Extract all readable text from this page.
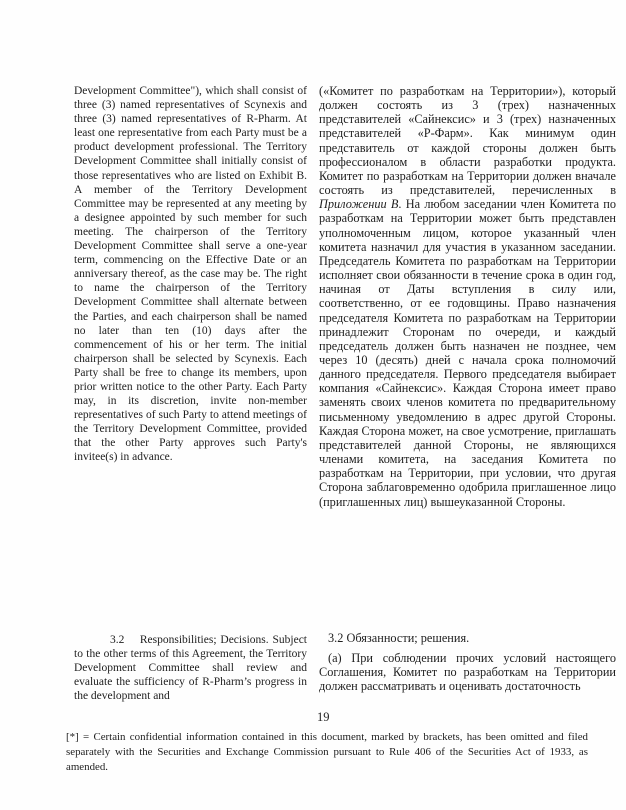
Development Committee"), which shall consist of three (3) named representatives of Scynexis and three (3) named representatives of R-Pharm. At least one representative from each Party must be a product development professional. The Territory Development Committee shall initially consist of those representatives who are listed on Exhibit B. A member of the Territory Development Committee may be represented at any meeting by a designee appointed by such member for such meeting. The chairperson of the Territory Development Committee shall serve a one-year term, commencing on the Effective Date or an anniversary thereof, as the case may be. The right to name the chairperson of the Territory Development Committee shall alternate between the Parties, and each chairperson shall be named no later than ten (10) days after the commencement of his or her term. The initial chairperson shall be selected by Scynexis. Each Party shall be free to change its members, upon prior written notice to the other Party. Each Party may, in its discretion, invite non-member representatives of such Party to attend meetings of the Territory Development Committee, provided that the other Party approves such Party's invitee(s) in advance.

3.2    Responsibilities; Decisions. Subject to the other terms of this Agreement, the Territory Development Committee shall review and evaluate the sufficiency of R-Pharm’s progress in the development and

(«Комитет по разработкам на Территории»), который должен состоять из 3 (трех) назначенных представителей «Сайнексис» и 3 (трех) назначенных представителей «Р-Фарм». Как минимум один представитель от каждой стороны должен быть профессионалом в области разработки продукта. Комитет по разработкам на Территории должен вначале состоять из представителей, перечисленных в Приложении В. На любом заседании член Комитета по разработкам на Территории может быть представлен уполномоченным лицом, которое указанный член комитета назначил для участия в указанном заседании. Председатель Комитета по разработкам на Территории исполняет свои обязанности в течение срока в один год, начиная от Даты вступления в силу или, соответственно, от ее годовщины. Право назначения председателя Комитета по разработкам на Территории принадлежит Сторонам по очереди, и каждый председатель должен быть назначен не позднее, чем через 10 (десять) дней с начала срока полномочий данного председателя. Первого председателя выбирает компания «Сайнексис». Каждая Сторона имеет право заменять своих членов комитета по предварительному письменному уведомлению в адрес другой Стороны. Каждая Сторона может, на свое усмотрение, приглашать представителей данной Стороны, не являющихся членами комитета, на заседания Комитета по разработкам на Территории, при условии, что другая Сторона заблаговременно одобрила приглашенное лицо (приглашенных лиц) вышеуказанной Стороны.

3.2 Обязанности; решения.

(а) При соблюдении прочих условий настоящего Соглашения, Комитет по разработкам на Территории должен рассматривать и оценивать достаточность

19

[*] = Certain confidential information contained in this document, marked by brackets, has been omitted and filed separately with the Securities and Exchange Commission pursuant to Rule 406 of the Securities Act of 1933, as amended.
